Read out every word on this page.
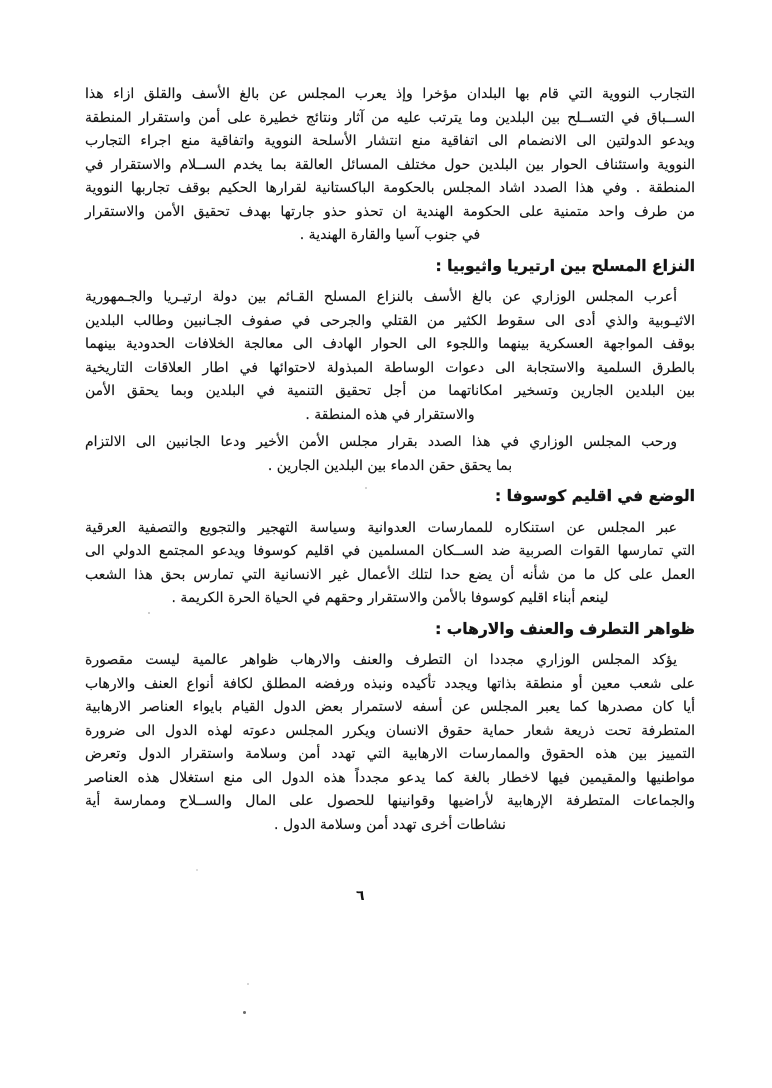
التجارب النووية التي قام بها البلدان مؤخرا وإذ يعرب المجلس عن بالغ الأسف والقلق ازاء هذا
الســباق في التســلح بين البلدين وما يترتب عليه من آثار ونتائج خطيرة على أمن واستقرار المنطقة
ويدعو الدولتين الى الانضمام الى اتفاقية منع انتشار الأسلحة النووية واتفاقية منع اجراء التجارب
النووية واستئناف الحوار بين البلدين حول مختلف المسائل العالقة بما يخدم الســلام والاستقرار في
المنطقة . وفي هذا الصدد اشاد المجلس بالحكومة الباكستانية لقرارها الحكيم بوقف تجاربها النووية
من طرف واحد متمنية على الحكومة الهندية ان تحذو حذو جارتها بهدف تحقيق الأمن والاستقرار
في جنوب آسيا والقارة الهندية .
النزاع المسلح بين ارتيريا واثيوبيا :
أعرب المجلس الوزاري عن بالغ الأسف بالنزاع المسلح القـائم بين دولة ارتيـريا والجـمهورية
الاثيـوبية والذي أدى الى سقوط الكثير من القتلي والجرحى في صفوف الجـانبين وطالب البلدين
بوقف المواجهة العسكرية بينهما واللجوء الى الحوار الهادف الى معالجة الخلافات الحدودية بينهما
بالطرق السلمية والاستجابة الى دعوات الوساطة المبذولة لاحتوائها في اطار العلاقات التاريخية
بين البلدين الجارين وتسخير امكاناتهما من أجل تحقيق التنمية في البلدين وبما يحقق الأمن
والاستقرار في هذه المنطقة .
ورحب المجلس الوزاري في هذا الصدد بقرار مجلس الأمن الأخير ودعا الجانبين الى الالتزام
بما يحقق حقن الدماء بين البلدين الجارين .
الوضع في اقليم كوسوفا :
عبر المجلس عن استنكاره للممارسات العدوانية وسياسة التهجير والتجويع والتصفية العرقية
التي تمارسها القوات الصربية ضد الســكان المسلمين في اقليم كوسوفا ويدعو المجتمع الدولي الى
العمل على كل ما من شأنه أن يضع حدا لتلك الأعمال غير الانسانية التي تمارس بحق هذا الشعب
لينعم أبناء اقليم كوسوفا بالأمن والاستقرار وحقهم في الحياة الحرة الكريمة .
ظواهر التطرف والعنف والارهاب :
يؤكد المجلس الوزاري مجددا ان التطرف والعنف والارهاب ظواهر عالمية ليست مقصورة
على شعب معين أو منطقة بذاتها ويجدد تأكيده ونبذه ورفضه المطلق لكافة أنواع العنف والارهاب
أيا كان مصدرها كما يعبر المجلس عن أسفه لاستمرار بعض الدول القيام بايواء العناصر الارهابية
المتطرفة تحت ذريعة شعار حماية حقوق الانسان ويكرر المجلس دعوته لهذه الدول الى ضرورة
التمييز بين هذه الحقوق والممارسات الارهابية التي تهدد أمن وسلامة واستقرار الدول وتعرض
مواطنيها والمقيمين فيها لاخطار بالغة كما يدعو مجدداً هذه الدول الى منع استغلال هذه العناصر
والجماعات المتطرفة الإرهابية لأراضيها وقوانينها للحصول على المال والســلاح وممارسة أية
نشاطات أخرى تهدد أمن وسلامة الدول .
٦
